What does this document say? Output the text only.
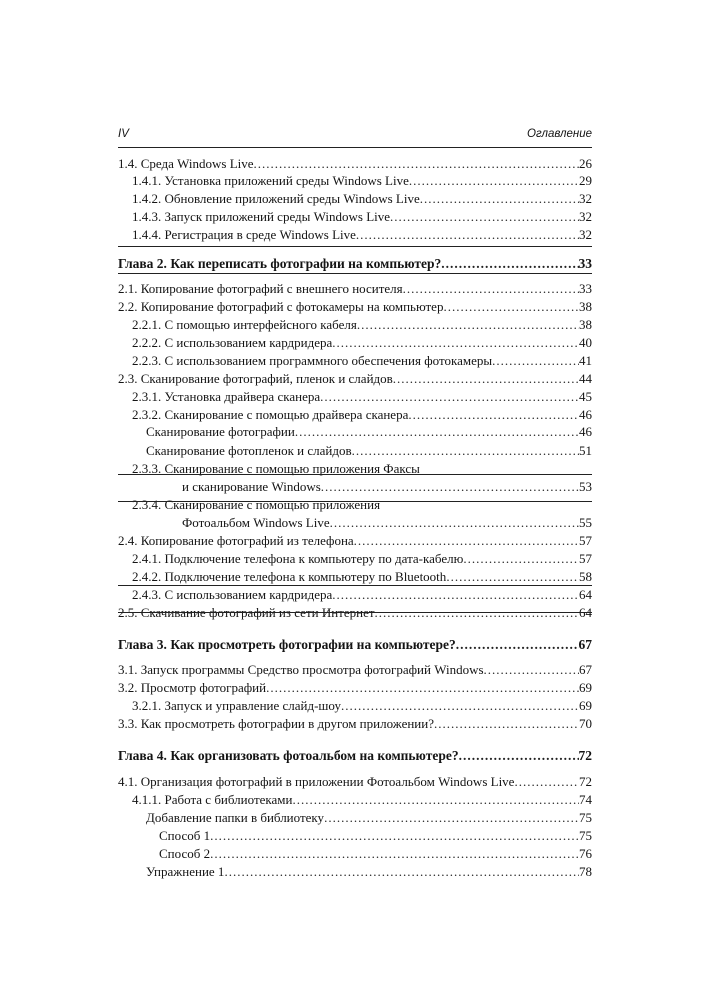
IV	Оглавление
1.4. Среда Windows Live .....	26
1.4.1. Установка приложений среды Windows Live .....	29
1.4.2. Обновление приложений среды Windows Live .....	32
1.4.3. Запуск приложений среды Windows Live .....	32
1.4.4. Регистрация в среде Windows Live .....	32
Глава 2. Как переписать фотографии на компьютер? .....	33
2.1. Копирование фотографий с внешнего носителя .....	33
2.2. Копирование фотографий с фотокамеры на компьютер .....	38
2.2.1. С помощью интерфейсного кабеля .....	38
2.2.2. С использованием кардридера .....	40
2.2.3. С использованием программного обеспечения фотокамеры .....	41
2.3. Сканирование фотографий, пленок и слайдов .....	44
2.3.1. Установка драйвера сканера .....	45
2.3.2. Сканирование с помощью драйвера сканера .....	46
Сканирование фотографии .....	46
Сканирование фотопленок и слайдов .....	51
2.3.3. Сканирование с помощью приложения Факсы
и сканирование Windows .....	53
2.3.4. Сканирование с помощью приложения
Фотоальбом Windows Live .....	55
2.4. Копирование фотографий из телефона .....	57
2.4.1. Подключение телефона к компьютеру по дата-кабелю .....	57
2.4.2. Подключение телефона к компьютеру по Bluetooth .....	58
2.4.3. С использованием кардридера .....	64
2.5. Скачивание фотографий из сети Интернет .....	64
Глава 3. Как просмотреть фотографии на компьютере? .....	67
3.1. Запуск программы Средство просмотра фотографий Windows .....	67
3.2. Просмотр фотографий .....	69
3.2.1. Запуск и управление слайд-шоу .....	69
3.3. Как просмотреть фотографии в другом приложении? .....	70
Глава 4. Как организовать фотоальбом на компьютере? .....	72
4.1. Организация фотографий в приложении Фотоальбом Windows Live .....	72
4.1.1. Работа с библиотеками .....	74
Добавление папки в библиотеку .....	75
Способ 1 .....	75
Способ 2 .....	76
Упражнение 1 .....	78
